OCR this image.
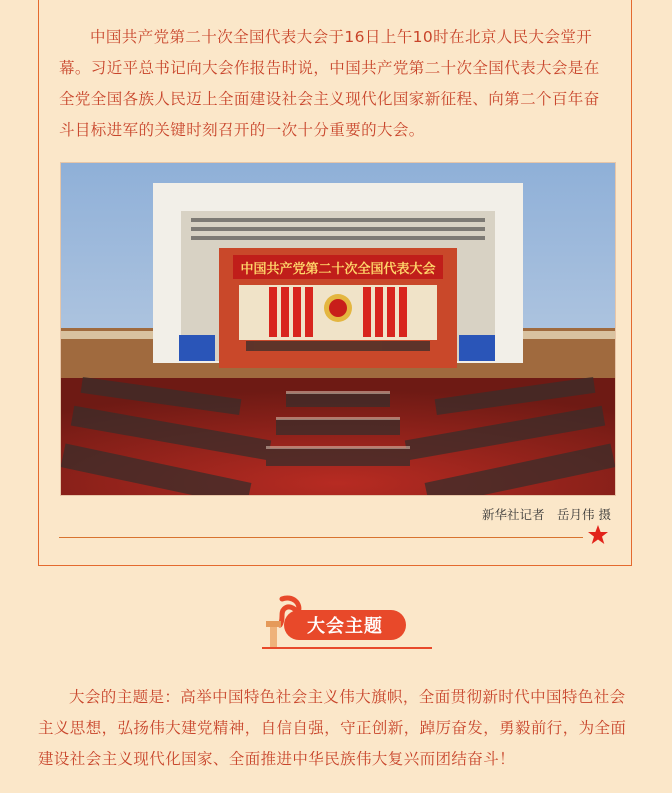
中国共产党第二十次全国代表大会于16日上午10时在北京人民大会堂开幕。习近平总书记向大会作报告时说，中国共产党第二十次全国代表大会是在全党全国各族人民迈上全面建设社会主义现代化国家新征程、向第二个百年奋斗目标进军的关键时刻召开的一次十分重要的大会。

中国共产党第二十次全国代表大会
新华社记者　岳月伟 摄
大会主题

大会的主题是：高举中国特色社会主义伟大旗帜，全面贯彻新时代中国特色社会主义思想，弘扬伟大建党精神，自信自强，守正创新，踔厉奋发，勇毅前行，为全面建设社会主义现代化国家、全面推进中华民族伟大复兴而团结奋斗！
